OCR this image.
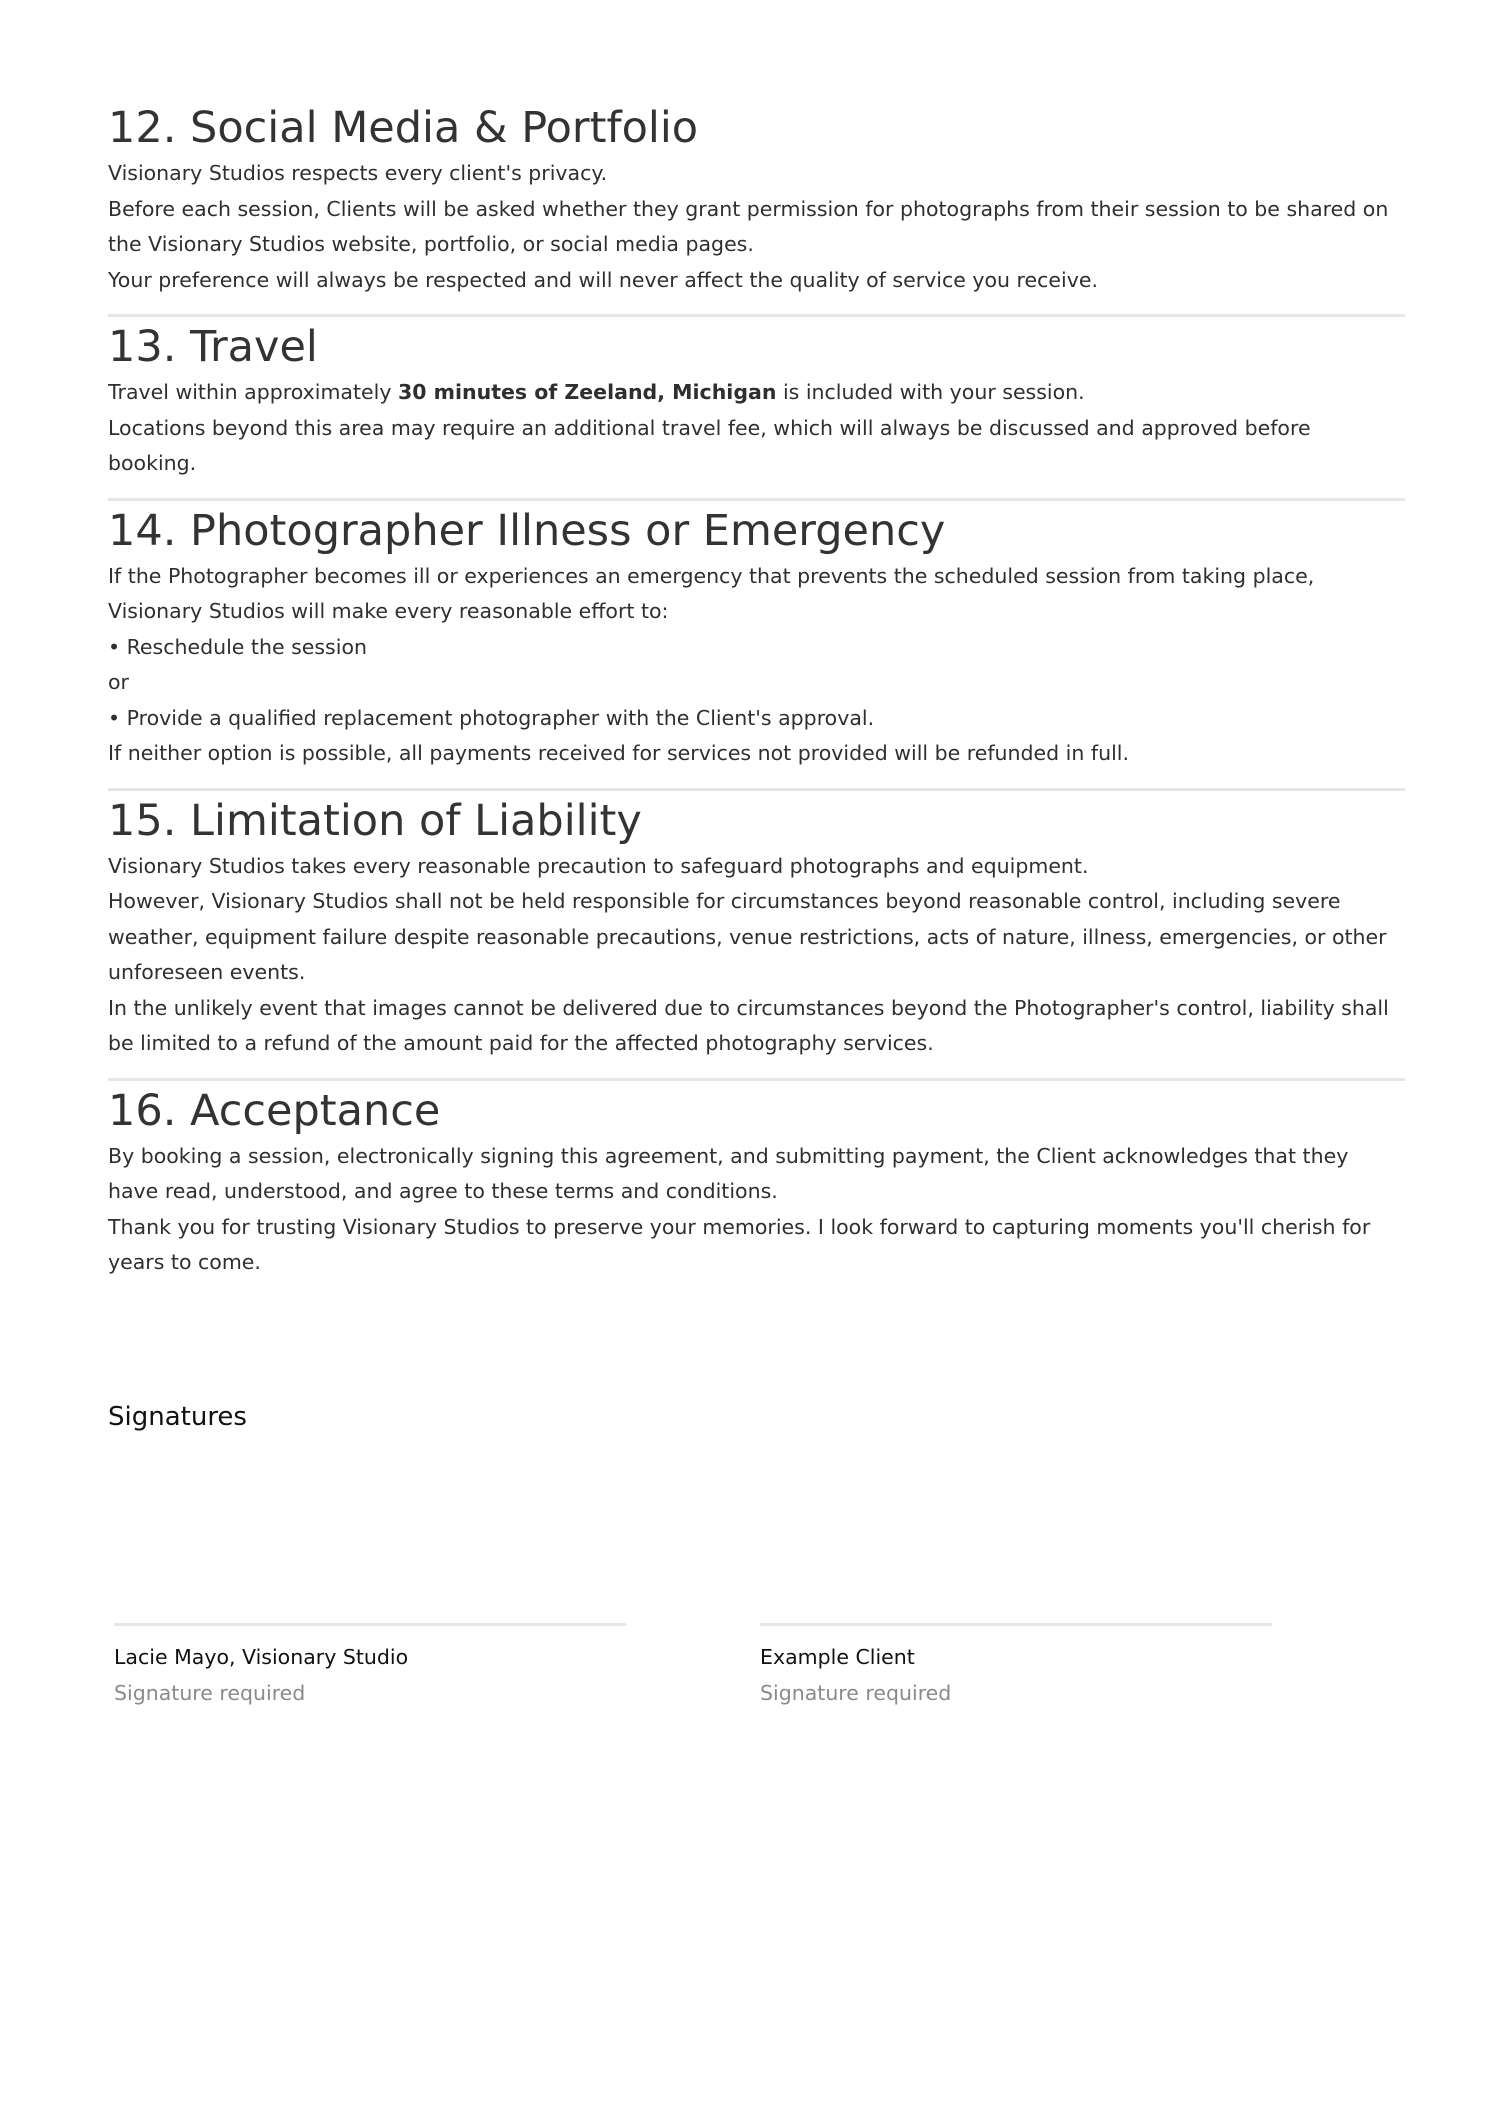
12. Social Media & Portfolio

Visionary Studios respects every client's privacy.

Before each session, Clients will be asked whether they grant permission for photographs from their session to be shared on the Visionary Studios website, portfolio, or social media pages.

Your preference will always be respected and will never affect the quality of service you receive.

13. Travel

Travel within approximately 30 minutes of Zeeland, Michigan is included with your session.

Locations beyond this area may require an additional travel fee, which will always be discussed and approved before booking.

14. Photographer Illness or Emergency

If the Photographer becomes ill or experiences an emergency that prevents the scheduled session from taking place, Visionary Studios will make every reasonable effort to:

• Reschedule the session

or

• Provide a qualified replacement photographer with the Client's approval.

If neither option is possible, all payments received for services not provided will be refunded in full.

15. Limitation of Liability

Visionary Studios takes every reasonable precaution to safeguard photographs and equipment.

However, Visionary Studios shall not be held responsible for circumstances beyond reasonable control, including severe weather, equipment failure despite reasonable precautions, venue restrictions, acts of nature, illness, emergencies, or other unforeseen events.

In the unlikely event that images cannot be delivered due to circumstances beyond the Photographer's control, liability shall be limited to a refund of the amount paid for the affected photography services.

16. Acceptance

By booking a session, electronically signing this agreement, and submitting payment, the Client acknowledges that they have read, understood, and agree to these terms and conditions.

Thank you for trusting Visionary Studios to preserve your memories. I look forward to capturing moments you'll cherish for years to come.

Signatures
Lacie Mayo, Visionary Studio
Signature required
Example Client
Signature required
